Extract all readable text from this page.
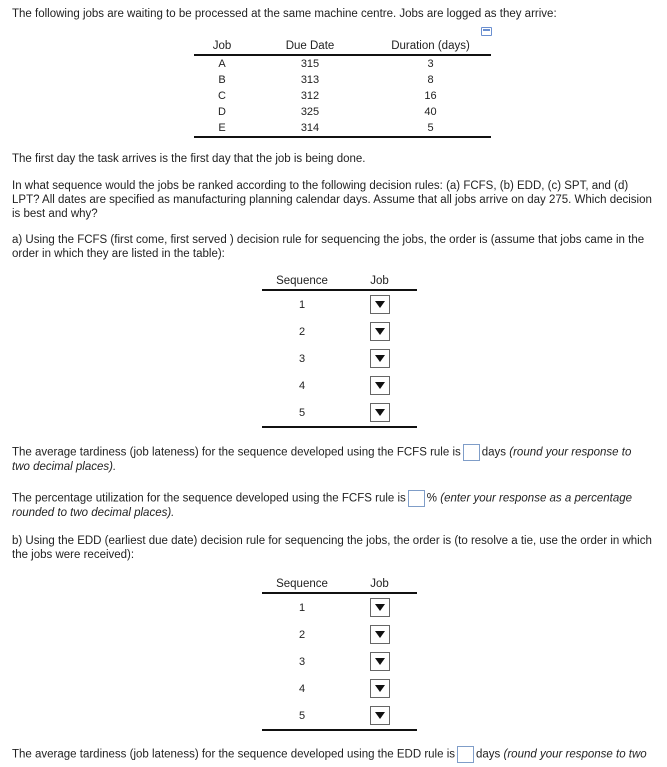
The following jobs are waiting to be processed at the same machine centre. Jobs are logged as they arrive:

Job	Due Date	Duration (days)
A	315	3
B	313	8
C	312	16
D	325	40
E	314	5

The first day the task arrives is the first day that the job is being done.

In what sequence would the jobs be ranked according to the following decision rules: (a) FCFS, (b) EDD, (c) SPT, and (d)

LPT? All dates are specified as manufacturing planning calendar days. Assume that all jobs arrive on day 275. Which decision

is best and why?

a) Using the FCFS (first come, first served ) decision rule for sequencing the jobs, the order is (assume that jobs came in the

order in which they are listed in the table):

Sequence	Job
1	
2	
3	
4	
5	

The average tardiness (job lateness) for the sequence developed using the FCFS rule is days (round your response to

two decimal places).

The percentage utilization for the sequence developed using the FCFS rule is % (enter your response as a percentage

rounded to two decimal places).

b) Using the EDD (earliest due date) decision rule for sequencing the jobs, the order is (to resolve a tie, use the order in which

the jobs were received):

Sequence	Job
1	
2	
3	
4	
5	

The average tardiness (job lateness) for the sequence developed using the EDD rule is days (round your response to two
